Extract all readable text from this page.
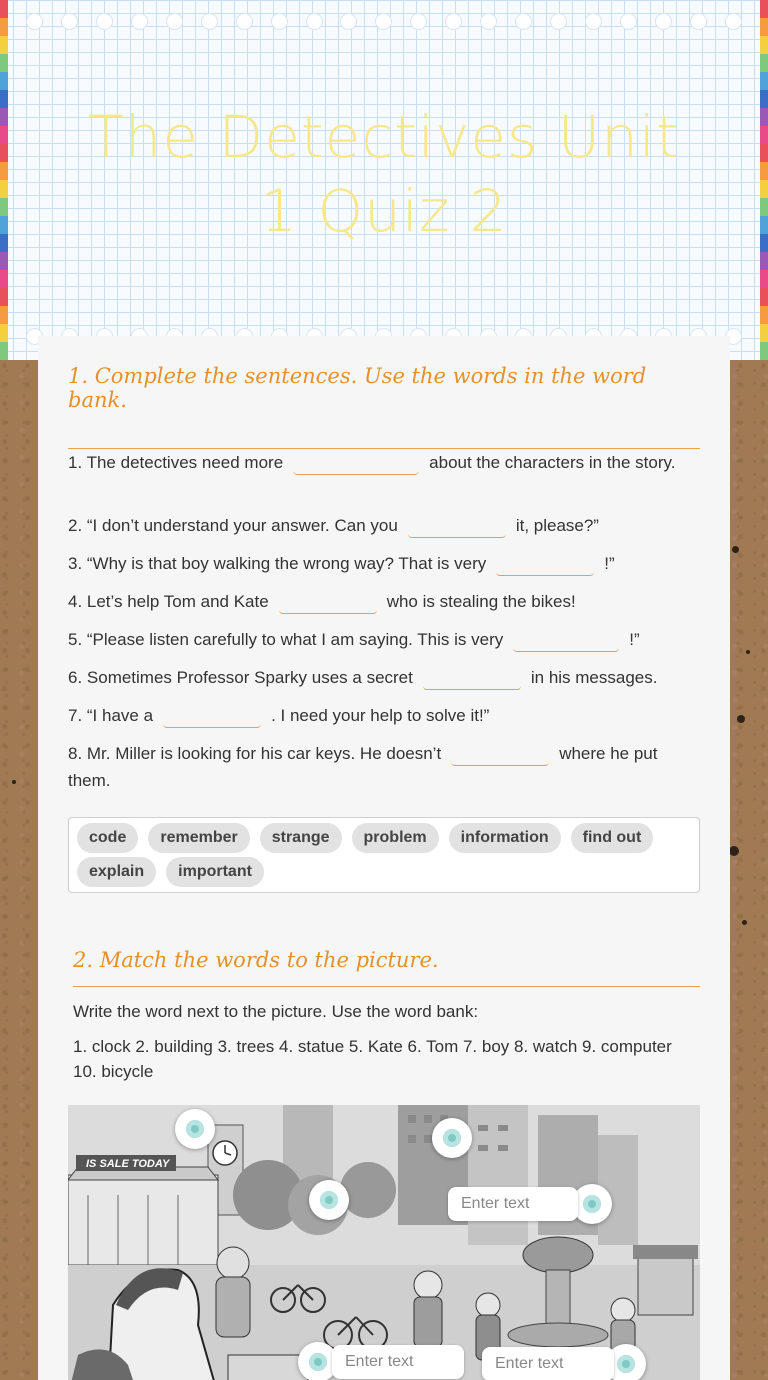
The Detectives Unit 1 Quiz 2
1. Complete the sentences. Use the words in the word bank.
1. The detectives need more	about the characters in the story.
2. “I don’t understand your answer. Can you	it, please?”
3. “Why is that boy walking the wrong way? That is very	!”
4. Let’s help Tom and Kate	who is stealing the bikes!
5. “Please listen carefully to what I am saying. This is very	!”
6. Sometimes Professor Sparky uses a secret	in his messages.
7. “I have a	. I need your help to solve it!”
8. Mr. Miller is looking for his car keys. He doesn’t	where he put them.
code	remember	strange	problem	information	find out
explain	important
2. Match the words to the picture.
Write the word next to the picture. Use the word bank:
1. clock 2. building 3. trees 4. statue 5. Kate 6. Tom 7. boy 8. watch 9. computer 10. bicycle
IS SALE TODAY
Enter text
Enter text	Enter text
